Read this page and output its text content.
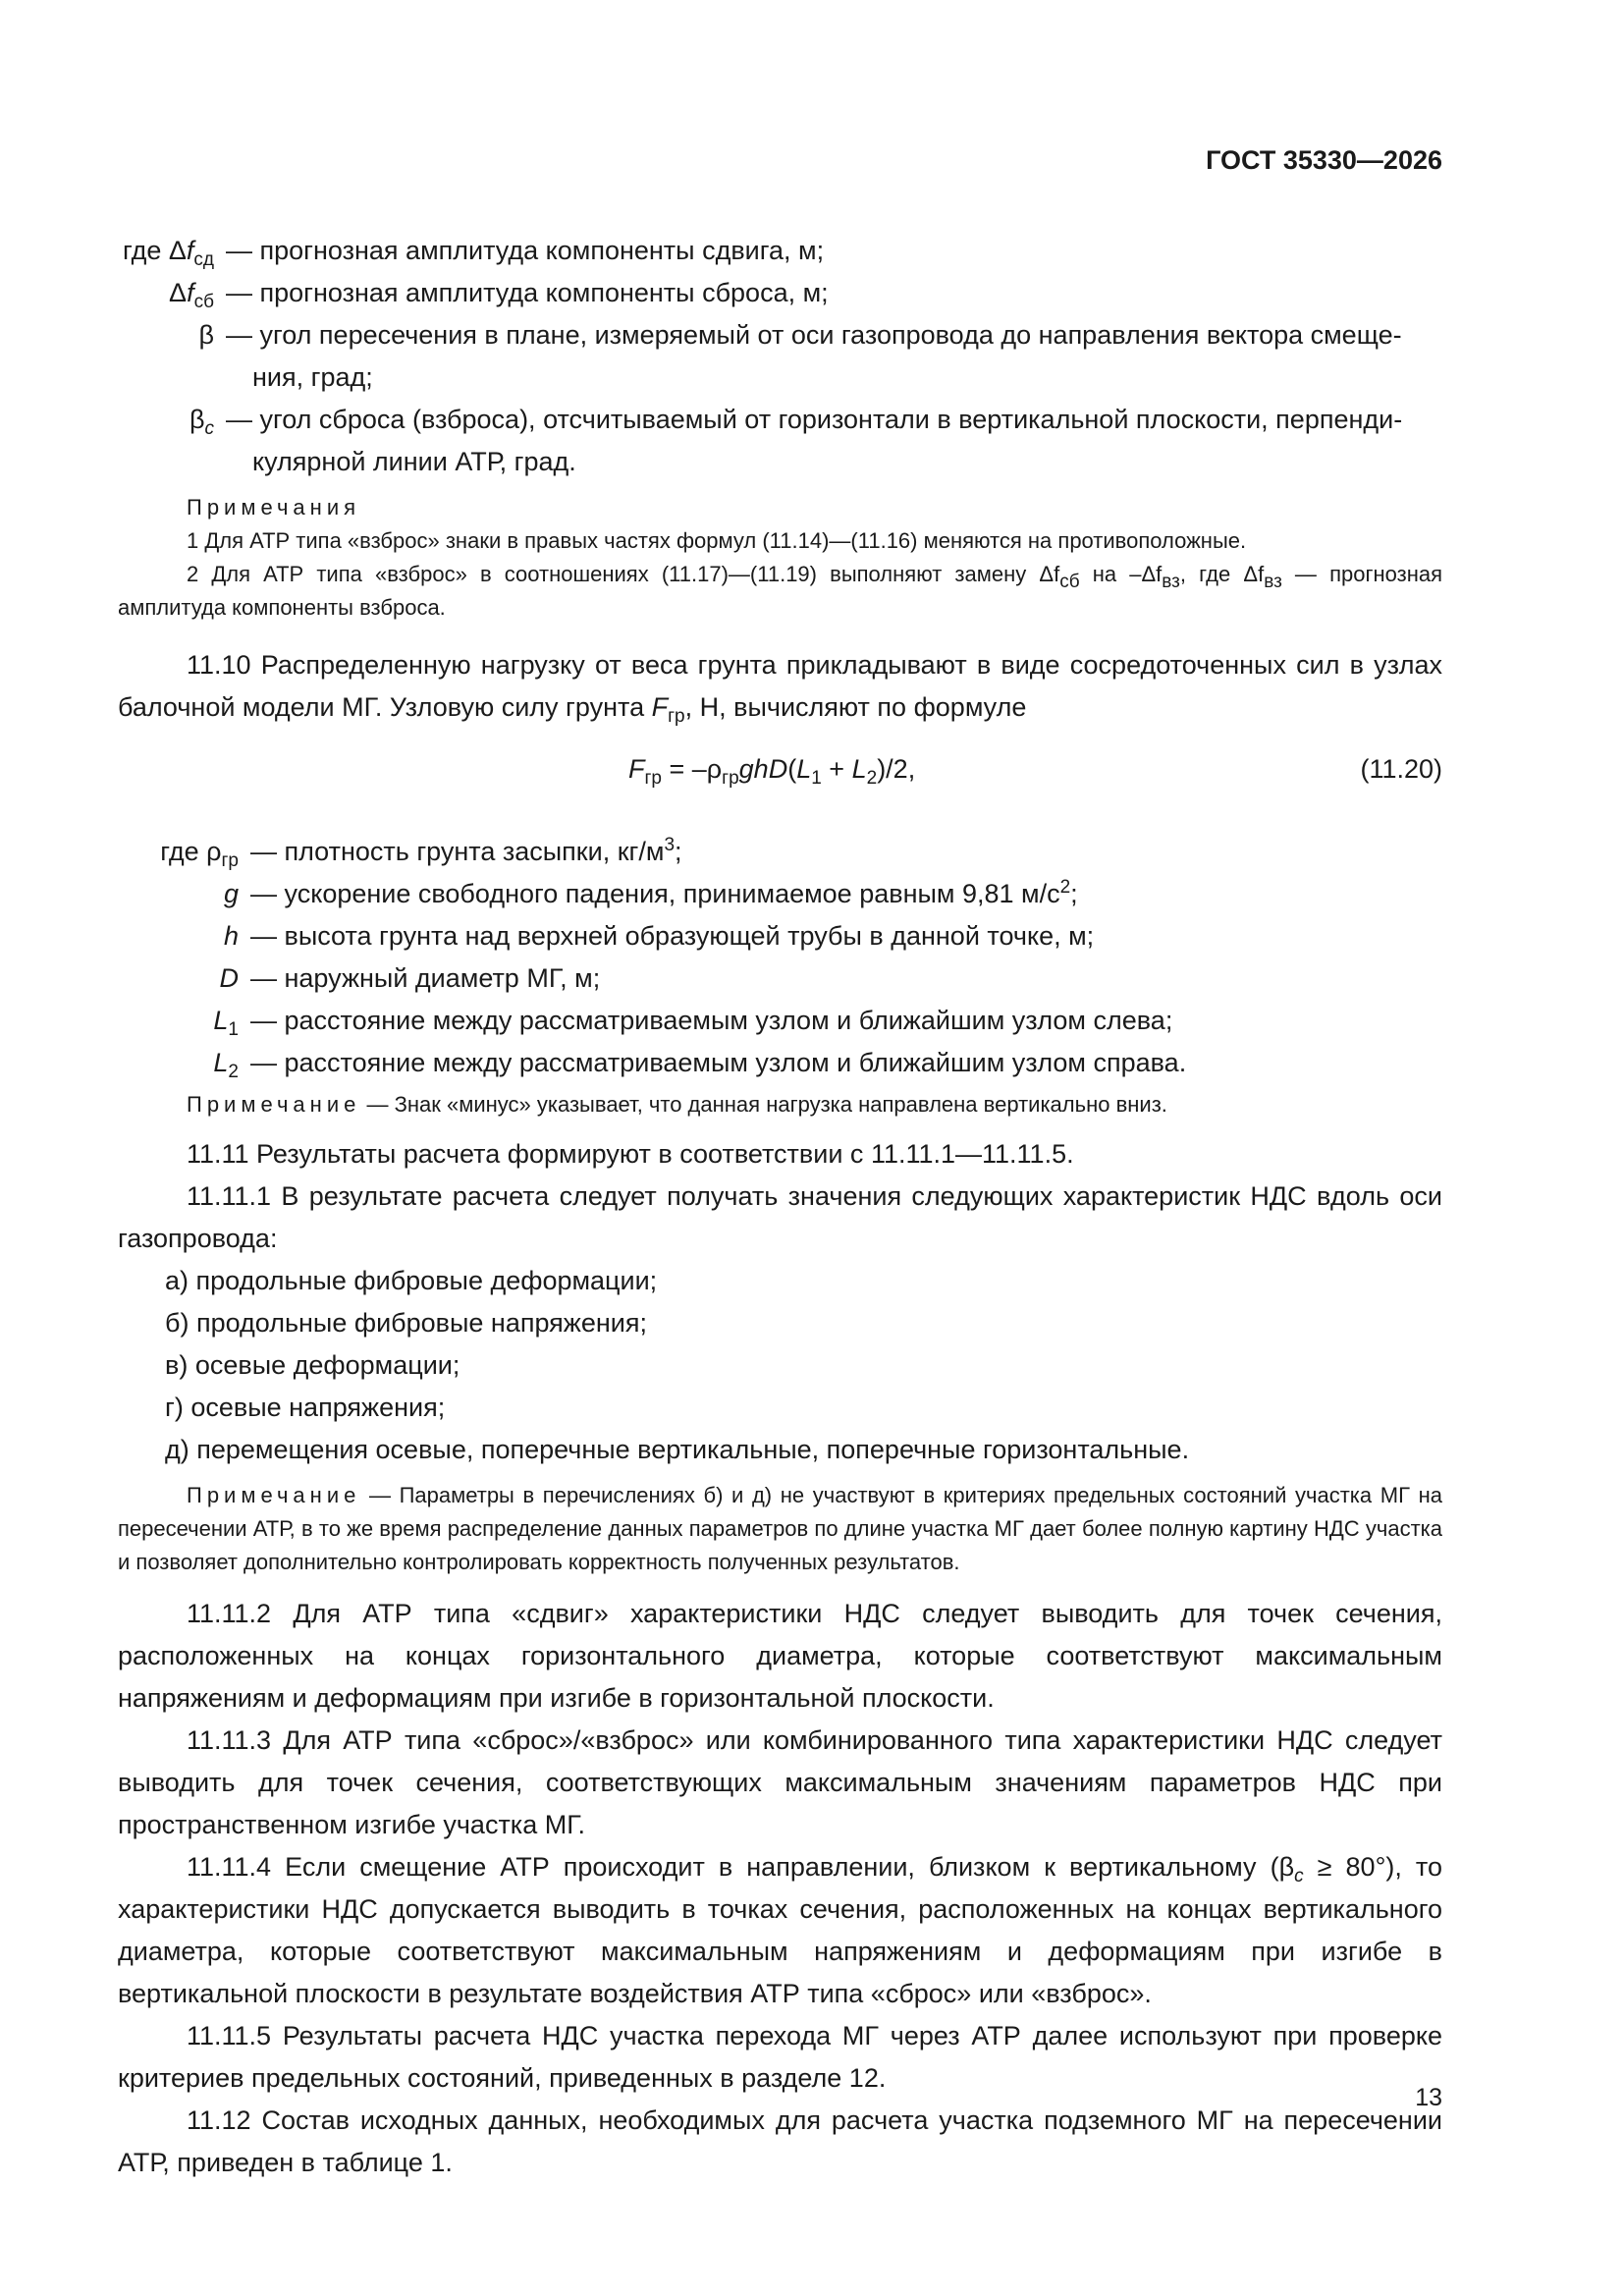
ГОСТ 35330—2026
где $\Delta f_{сд}$ — прогнозная амплитуда компоненты сдвига, м;
$\Delta f_{сб}$ — прогнозная амплитуда компоненты сброса, м;
β — угол пересечения в плане, измеряемый от оси газопровода до направления вектора смеще-ния, град;
$\beta_c$ — угол сброса (взброса), отсчитываемый от горизонтали в вертикальной плоскости, перпенди-кулярной линии АТР, град.
Примечания
1 Для АТР типа «взброс» знаки в правых частях формул (11.14)—(11.16) меняются на противоположные.
2 Для АТР типа «взброс» в соотношениях (11.17)—(11.19) выполняют замену $\Delta f_{сб}$ на $-\Delta f_{вз}$, где $\Delta f_{вз}$ — прогнозная амплитуда компоненты взброса.

11.10 Распределенную нагрузку от веса грунта прикладывают в виде сосредоточенных сил в узлах балочной модели МГ. Узловую силу грунта $F_{гр}$, Н, вычисляют по формуле

$F_{гр} = -\rho_{гр}ghD(L_1 + L_2)/2$,	(11.20)
где $\rho_{гр}$ — плотность грунта засыпки, $кг/м^3$;
g — ускорение свободного падения, принимаемое равным 9,81 $м/с^2$;
h — высота грунта над верхней образующей трубы в данной точке, м;
D — наружный диаметр МГ, м;
$L_1$ — расстояние между рассматриваемым узлом и ближайшим узлом слева;
$L_2$ — расстояние между рассматриваемым узлом и ближайшим узлом справа.
Примечание — Знак «минус» указывает, что данная нагрузка направлена вертикально вниз.

11.11 Результаты расчета формируют в соответствии с 11.11.1—11.11.5.

11.11.1 В результате расчета следует получать значения следующих характеристик НДС вдоль оси газопровода:

а) продольные фибровые деформации;

б) продольные фибровые напряжения;

в) осевые деформации;

г) осевые напряжения;

д) перемещения осевые, поперечные вертикальные, поперечные горизонтальные.

Примечание — Параметры в перечислениях б) и д) не участвуют в критериях предельных состояний участка МГ на пересечении АТР, в то же время распределение данных параметров по длине участка МГ дает более полную картину НДС участка и позволяет дополнительно контролировать корректность полученных результатов.

11.11.2 Для АТР типа «сдвиг» характеристики НДС следует выводить для точек сечения, расположенных на концах горизонтального диаметра, которые соответствуют максимальным напряжениям и деформациям при изгибе в горизонтальной плоскости.

11.11.3 Для АТР типа «сброс»/«взброс» или комбинированного типа характеристики НДС следует выводить для точек сечения, соответствующих максимальным значениям параметров НДС при пространственном изгибе участка МГ.

11.11.4 Если смещение АТР происходит в направлении, близком к вертикальному $(\beta_c \ge 80^\circ)$, то характеристики НДС допускается выводить в точках сечения, расположенных на концах вертикального диаметра, которые соответствуют максимальным напряжениям и деформациям при изгибе в вертикальной плоскости в результате воздействия АТР типа «сброс» или «взброс».

11.11.5 Результаты расчета НДС участка перехода МГ через АТР далее используют при проверке критериев предельных состояний, приведенных в разделе 12.

11.12 Состав исходных данных, необходимых для расчета участка подземного МГ на пересечении АТР, приведен в таблице 1.

13
